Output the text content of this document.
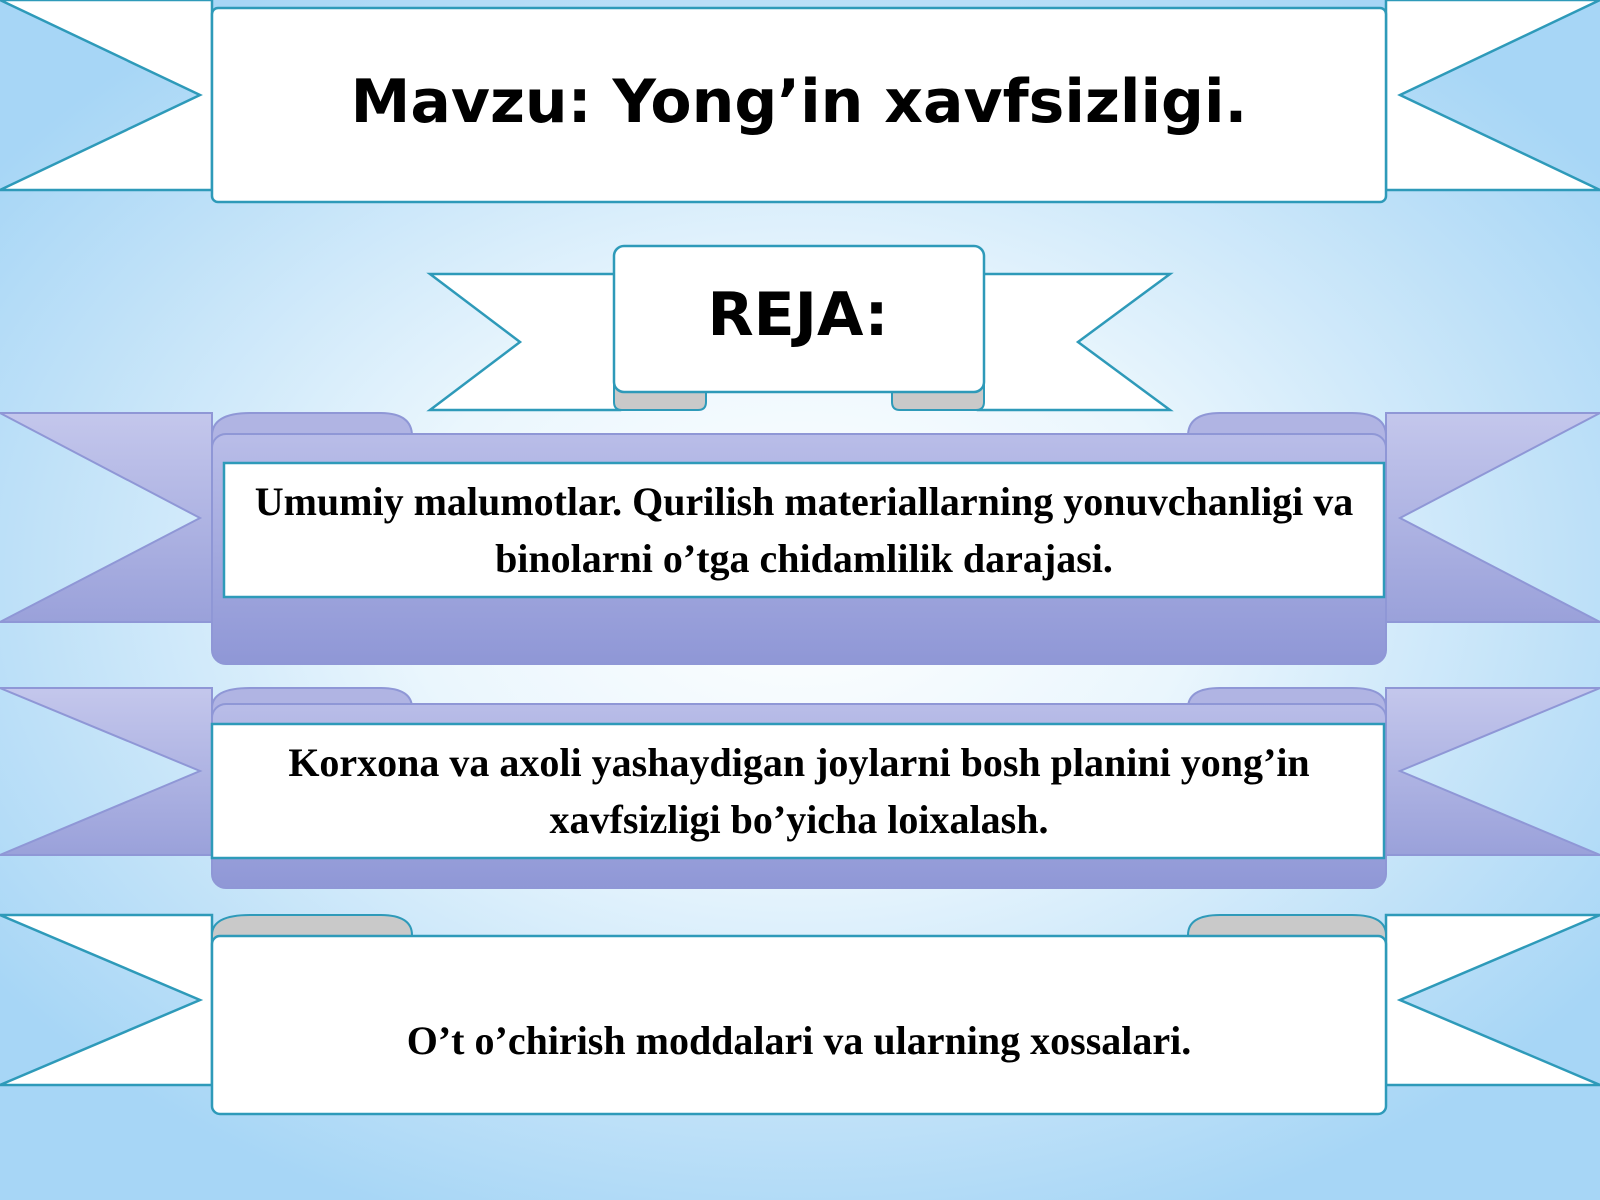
Mavzu: Yong’in xavfsizligi.
REJA:
Umumiy malumotlar. Qurilish materiallarning yonuvchanligi va binolarni o’tga chidamlilik darajasi.
Korxona va axoli yashaydigan joylarni bosh planini yong’in xavfsizligi bo’yicha loixalash.
O’t o’chirish moddalari va ularning xossalari.
